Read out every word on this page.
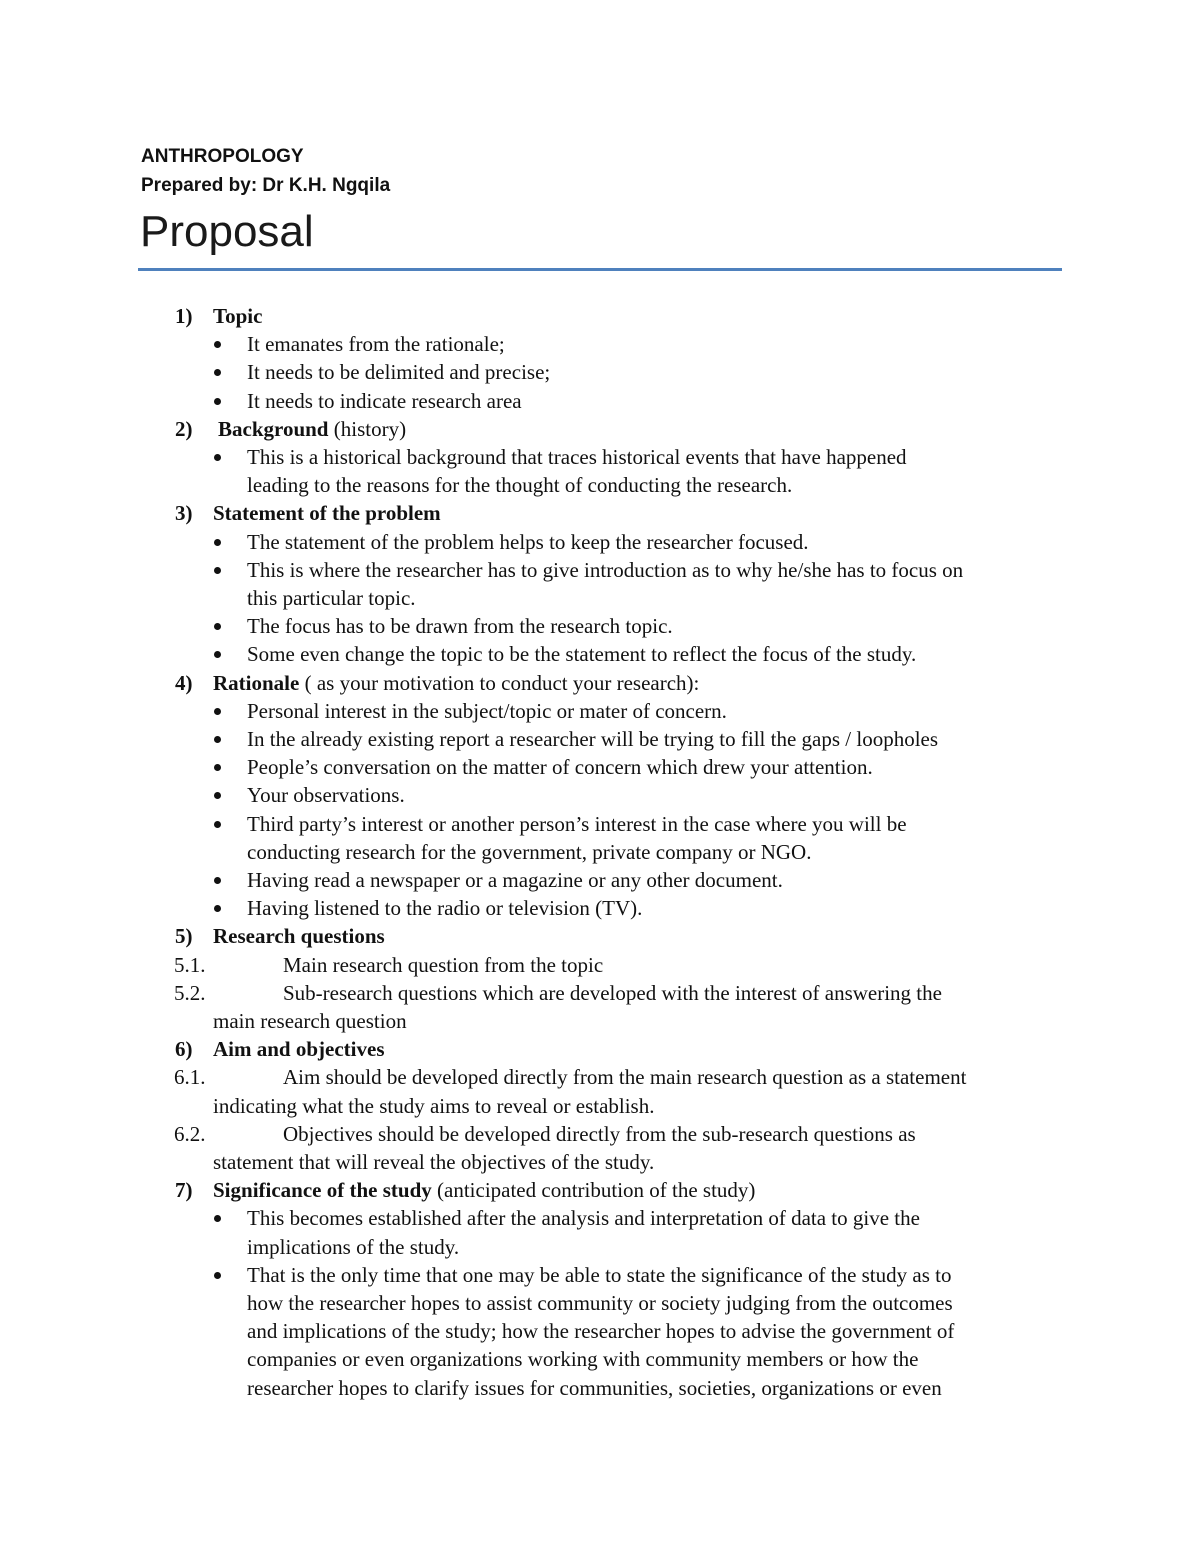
ANTHROPOLOGY
Prepared by: Dr K.H. Ngqila
Proposal
1) Topic
It emanates from the rationale;
It needs to be delimited and precise;
It needs to indicate research area
2) Background (history)
This is a historical background that traces historical events that have happened
leading to the reasons for the thought of conducting the research.
3) Statement of the problem
The statement of the problem helps to keep the researcher focused.
This is where the researcher has to give introduction as to why he/she has to focus on
this particular topic.
The focus has to be drawn from the research topic.
Some even change the topic to be the statement to reflect the focus of the study.
4) Rationale ( as your motivation to conduct your research):
Personal interest in the subject/topic or mater of concern.
In the already existing report a researcher will be trying to fill the gaps / loopholes
People’s conversation on the matter of concern which drew your attention.
Your observations.
Third party’s interest or another person’s interest in the case where you will be
conducting research for the government, private company or NGO.
Having read a newspaper or a magazine or any other document.
Having listened to the radio or television (TV).
5) Research questions
5.1.	Main research question from the topic
5.2.	Sub-research questions which are developed with the interest of answering the
main research question
6) Aim and objectives
6.1.	Aim should be developed directly from the main research question as a statement
indicating what the study aims to reveal or establish.
6.2.	Objectives should be developed directly from the sub-research questions as
statement that will reveal the objectives of the study.
7) Significance of the study (anticipated contribution of the study)
This becomes established after the analysis and interpretation of data to give the
implications of the study.
That is the only time that one may be able to state the significance of the study as to
how the researcher hopes to assist community or society judging from the outcomes
and implications of the study; how the researcher hopes to advise the government of
companies or even organizations working with community members or how the
researcher hopes to clarify issues for communities, societies, organizations or even
